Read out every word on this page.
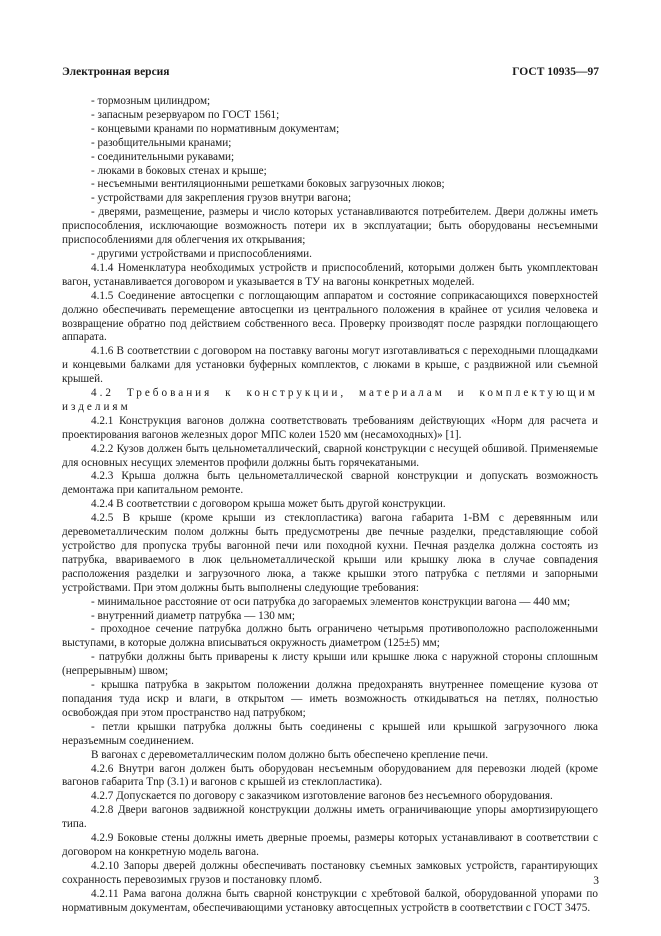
Электронная версия	ГОСТ 10935—97

- тормозным цилиндром;

- запасным резервуаром по ГОСТ 1561;

- концевыми кранами по нормативным документам;

- разобщительными кранами;

- соединительными рукавами;

- люками в боковых стенах и крыше;

- несъемными вентиляционными решетками боковых загрузочных люков;

- устройствами для закрепления грузов внутри вагона;

- дверями, размещение, размеры и число которых устанавливаются потребителем. Двери должны иметь приспособления, исключающие возможность потери их в эксплуатации; быть оборудованы несъемными приспособлениями для облегчения их открывания;

- другими устройствами и приспособлениями.

4.1.4 Номенклатура необходимых устройств и приспособлений, которыми должен быть укомплектован вагон, устанавливается договором и указывается в ТУ на вагоны конкретных моделей.

4.1.5 Соединение автосцепки с поглощающим аппаратом и состояние соприкасающихся поверхностей должно обеспечивать перемещение автосцепки из центрального положения в крайнее от усилия человека и возвращение обратно под действием собственного веса. Проверку производят после разрядки поглощающего аппарата.

4.1.6 В соответствии с договором на поставку вагоны могут изготавливаться с переходными площадками и концевыми балками для установки буферных комплектов, с люками в крыше, с раздвижной или съемной крышей.

4.2 Требования к конструкции, материалам и комплектующим изделиям

4.2.1 Конструкция вагонов должна соответствовать требованиям действующих «Норм для расчета и проектирования вагонов железных дорог МПС колеи 1520 мм (несамоходных)» [1].

4.2.2 Кузов должен быть цельнометаллический, сварной конструкции с несущей обшивой. Применяемые для основных несущих элементов профили должны быть горячекатаными.

4.2.3 Крыша должна быть цельнометаллической сварной конструкции и допускать возможность демонтажа при капитальном ремонте.

4.2.4 В соответствии с договором крыша может быть другой конструкции.

4.2.5 В крыше (кроме крыши из стеклопластика) вагона габарита 1-ВМ с деревянным или деревометаллическим полом должны быть предусмотрены две печные разделки, представляющие собой устройство для пропуска трубы вагонной печи или походной кухни. Печная разделка должна состоять из патрубка, вваривaемого в люк цельнометаллической крыши или крышку люка в случае совпадения расположения разделки и загрузочного люка, а также крышки этого патрубка с петлями и запорными устройствами. При этом должны быть выполнены следующие требования:

- минимальное расстояние от оси патрубка до загораемых элементов конструкции вагона — 440 мм;

- внутренний диаметр патрубка — 130 мм;

- проходное сечение патрубка должно быть ограничено четырьмя противоположно расположенными выступами, в которые должна вписываться окружность диаметром (125±5) мм;

- патрубки должны быть приварены к листу крыши или крышке люка с наружной стороны сплошным (непрерывным) швом;

- крышка патрубка в закрытом положении должна предохранять внутреннее помещение кузова от попадания туда искр и влаги, в открытом — иметь возможность откидываться на петлях, полностью освобождая при этом пространство над патрубком;

- петли крышки патрубка должны быть соединены с крышей или крышкой загрузочного люка неразъемным соединением.

В вагонах с деревометаллическим полом должно быть обеспечено крепление печи.

4.2.6 Внутри вагон должен быть оборудован несъемным оборудованием для перевозки людей (кроме вагонов габарита Tnp (3.1) и вагонов с крышей из стеклопластика).

4.2.7 Допускается по договору с заказчиком изготовление вагонов без несъемного оборудования.

4.2.8 Двери вагонов задвижной конструкции должны иметь ограничивающие упоры амортизирующего типа.

4.2.9 Боковые стены должны иметь дверные проемы, размеры которых устанавливают в соответствии с договором на конкретную модель вагона.

4.2.10 Запоры дверей должны обеспечивать постановку съемных замковых устройств, гарантирующих сохранность перевозимых грузов и постановку пломб.

4.2.11 Рама вагона должна быть сварной конструкции с хребтовой балкой, оборудованной упорами по нормативным документам, обеспечивающими установку автосцепных устройств в соответствии с ГОСТ 3475.

3
